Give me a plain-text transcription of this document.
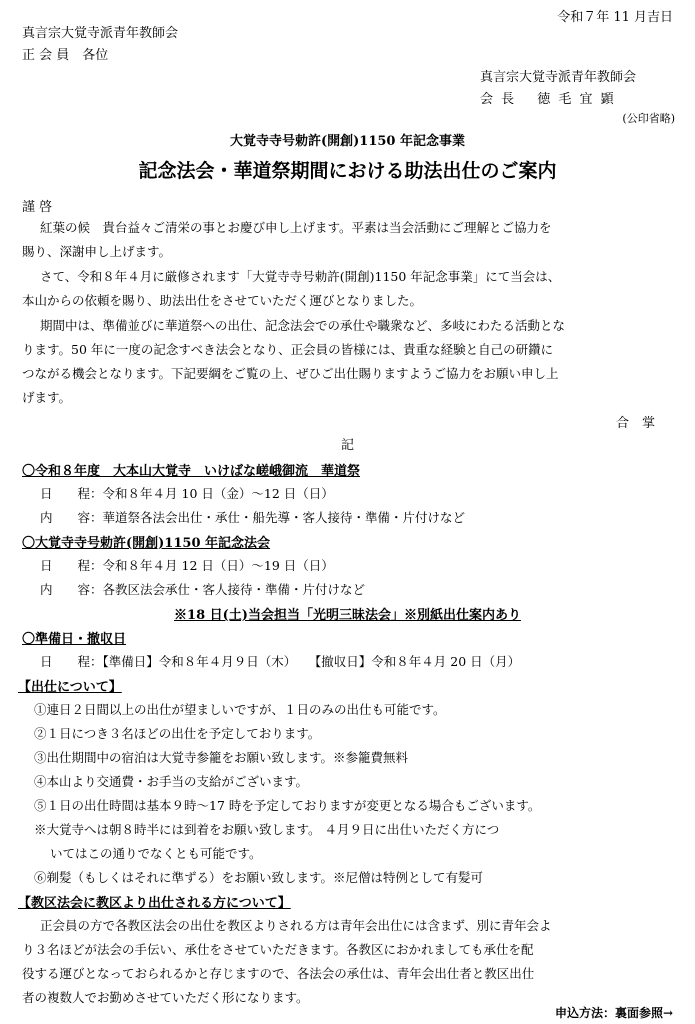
令和７年 11 月吉日
真言宗大覚寺派青年教師会
正 会 員　各位
真言宗大覚寺派青年教師会
会 長　 徳 毛 宜 顕
(公印省略)
大覚寺寺号勅許(開創)1150 年記念事業
記念法会・華道祭期間における助法出仕のご案内
謹 啓
紅葉の候　貴台益々ご清栄の事とお慶び申し上げます。平素は当会活動にご理解とご協力を
賜り、深謝申し上げます。
さて、令和８年４月に厳修されます「大覚寺寺号勅許(開創)1150 年記念事業」にて当会は、
本山からの依頼を賜り、助法出仕をさせていただく運びとなりました。
期間中は、準備並びに華道祭への出仕、記念法会での承仕や職衆など、多岐にわたる活動とな
ります。50 年に一度の記念すべき法会となり、正会員の皆様には、貴重な経験と自己の研鑽に
つながる機会となります。下記要綱をご覧の上、ぜひご出仕賜りますようご協力をお願い申し上
げます。
合　掌
記
〇令和８年度　大本山大覚寺　いけばな嵯峨御流　華道祭
日　　程：令和８年４月 10 日（金）～12 日（日）
内　　容：華道祭各法会出仕・承仕・船先導・客人接待・準備・片付けなど
〇大覚寺寺号勅許(開創)1150 年記念法会
日　　程：令和８年４月 12 日（日）～19 日（日）
内　　容：各教区法会承仕・客人接待・準備・片付けなど
※18 日(土)当会担当「光明三昧法会」※別紙出仕案内あり
〇準備日・撤収日
日　　程：【準備日】令和８年４月９日（木）　　【撤収日】令和８年４月 20 日（月）
【出仕について】
①連日２日間以上の出仕が望ましいですが、１日のみの出仕も可能です。
②１日につき３名ほどの出仕を予定しております。
③出仕期間中の宿泊は大覚寺参籠をお願い致します。※参籠費無料
④本山より交通費・お手当の支給がございます。
⑤１日の出仕時間は基本９時～17 時を予定しておりますが変更となる場合もございます。
※大覚寺へは朝８時半には到着をお願い致します。 ４月９日に出仕いただく方につ
いてはこの通りでなくとも可能です。
⑥剃髪（もしくはそれに準ずる）をお願い致します。※尼僧は特例として有髪可
【教区法会に教区より出仕される方について】
正会員の方で各教区法会の出仕を教区よりされる方は青年会出仕には含まず、別に青年会よ
り３名ほどが法会の手伝い、承仕をさせていただきます。各教区におかれましても承仕を配
役する運びとなっておられるかと存じますので、各法会の承仕は、青年会出仕者と教区出仕
者の複数人でお勤めさせていただく形になります。
申込方法：裏面参照→
